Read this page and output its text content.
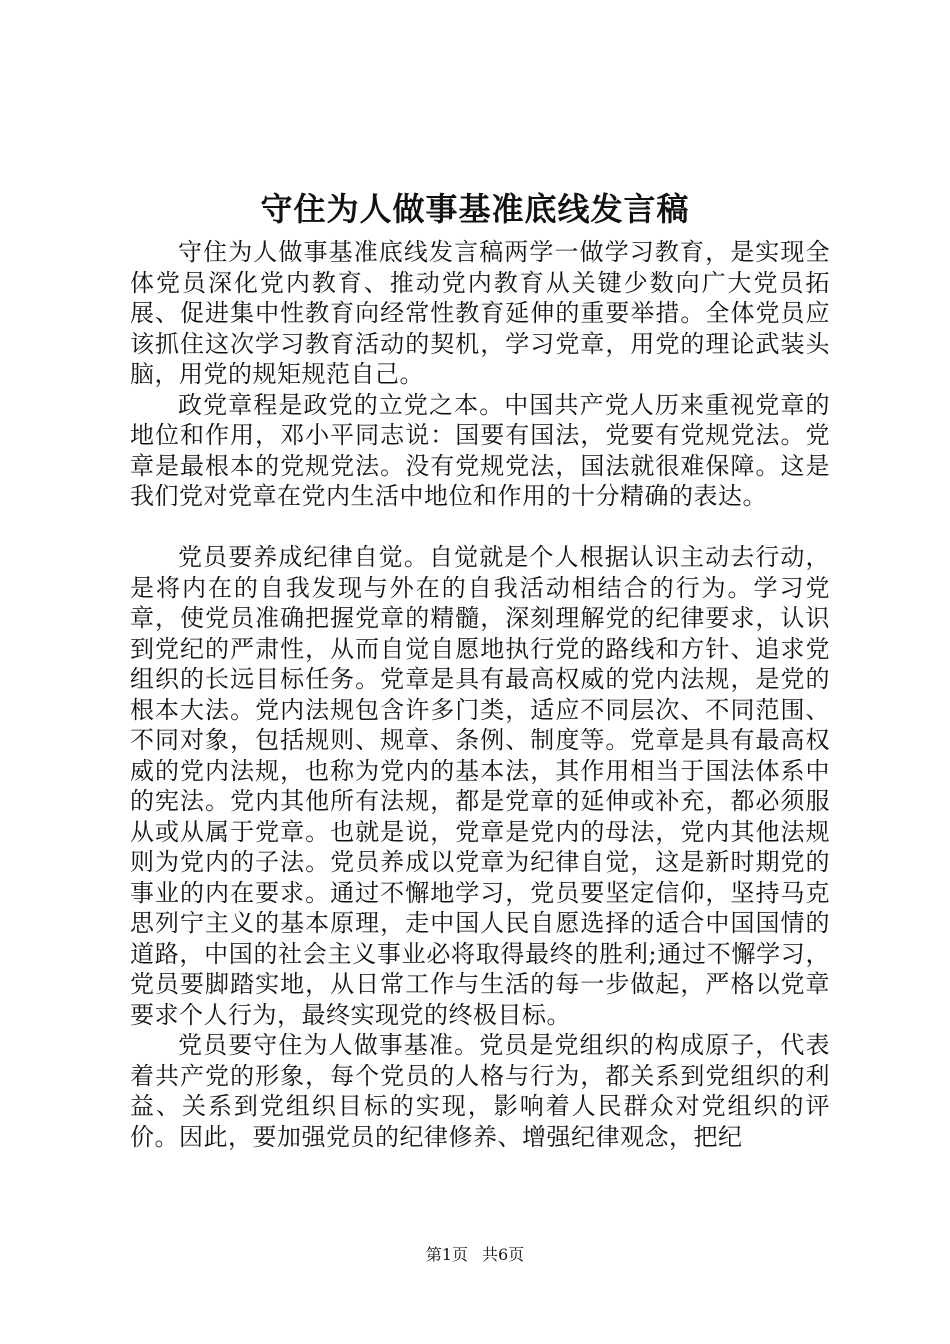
守住为人做事基准底线发言稿

守住为人做事基准底线发言稿两学一做学习教育，是实现全体党员深化党内教育、推动党内教育从关键少数向广大党员拓展、促进集中性教育向经常性教育延伸的重要举措。全体党员应该抓住这次学习教育活动的契机，学习党章，用党的理论武装头脑，用党的规矩规范自己。

政党章程是政党的立党之本。中国共产党人历来重视党章的地位和作用，邓小平同志说：国要有国法，党要有党规党法。党章是最根本的党规党法。没有党规党法，国法就很难保障。这是我们党对党章在党内生活中地位和作用的十分精确的表达。

党员要养成纪律自觉。自觉就是个人根据认识主动去行动，是将内在的自我发现与外在的自我活动相结合的行为。学习党章，使党员准确把握党章的精髓，深刻理解党的纪律要求，认识到党纪的严肃性，从而自觉自愿地执行党的路线和方针、追求党组织的长远目标任务。党章是具有最高权威的党内法规，是党的根本大法。党内法规包含许多门类，适应不同层次、不同范围、不同对象，包括规则、规章、条例、制度等。党章是具有最高权威的党内法规，也称为党内的基本法，其作用相当于国法体系中的宪法。党内其他所有法规，都是党章的延伸或补充，都必须服从或从属于党章。也就是说，党章是党内的母法，党内其他法规则为党内的子法。党员养成以党章为纪律自觉，这是新时期党的事业的内在要求。通过不懈地学习，党员要坚定信仰，坚持马克思列宁主义的基本原理，走中国人民自愿选择的适合中国国情的道路，中国的社会主义事业必将取得最终的胜利;通过不懈学习，党员要脚踏实地，从日常工作与生活的每一步做起，严格以党章要求个人行为，最终实现党的终极目标。

党员要守住为人做事基准。党员是党组织的构成原子，代表着共产党的形象，每个党员的人格与行为，都关系到党组织的利益、关系到党组织目标的实现，影响着人民群众对党组织的评价。因此，要加强党员的纪律修养、增强纪律观念，把纪

第1页 共6页
